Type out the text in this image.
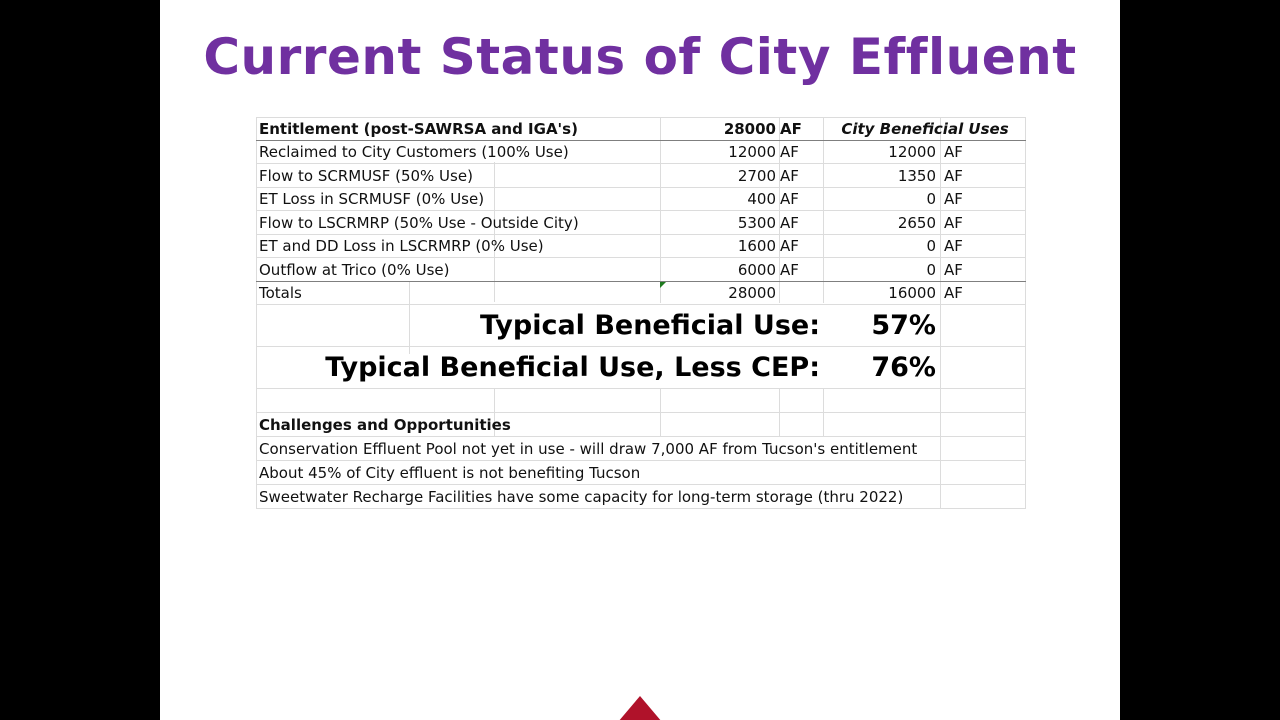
Current Status of City Effluent
Entitlement (post-SAWRSA and IGA's)	28000 AF	City Beneficial Uses
Reclaimed to City Customers (100% Use)	12000 AF	12000 AF
Flow to SCRMUSF (50% Use)	2700 AF	1350 AF
ET Loss in SCRMUSF (0% Use)	400 AF	0 AF
Flow to LSCRMRP (50% Use - Outside City)	5300 AF	2650 AF
ET and DD Loss in LSCRMRP (0% Use)	1600 AF	0 AF
Outflow at Trico (0% Use)	6000 AF	0 AF
Totals	28000	16000 AF
Typical Beneficial Use:	57%
Typical Beneficial Use, Less CEP:	76%
Challenges and Opportunities
Conservation Effluent Pool not yet in use - will draw 7,000 AF from Tucson's entitlement
About 45% of City effluent is not benefiting Tucson
Sweetwater Recharge Facilities have some capacity for long-term storage (thru 2022)
